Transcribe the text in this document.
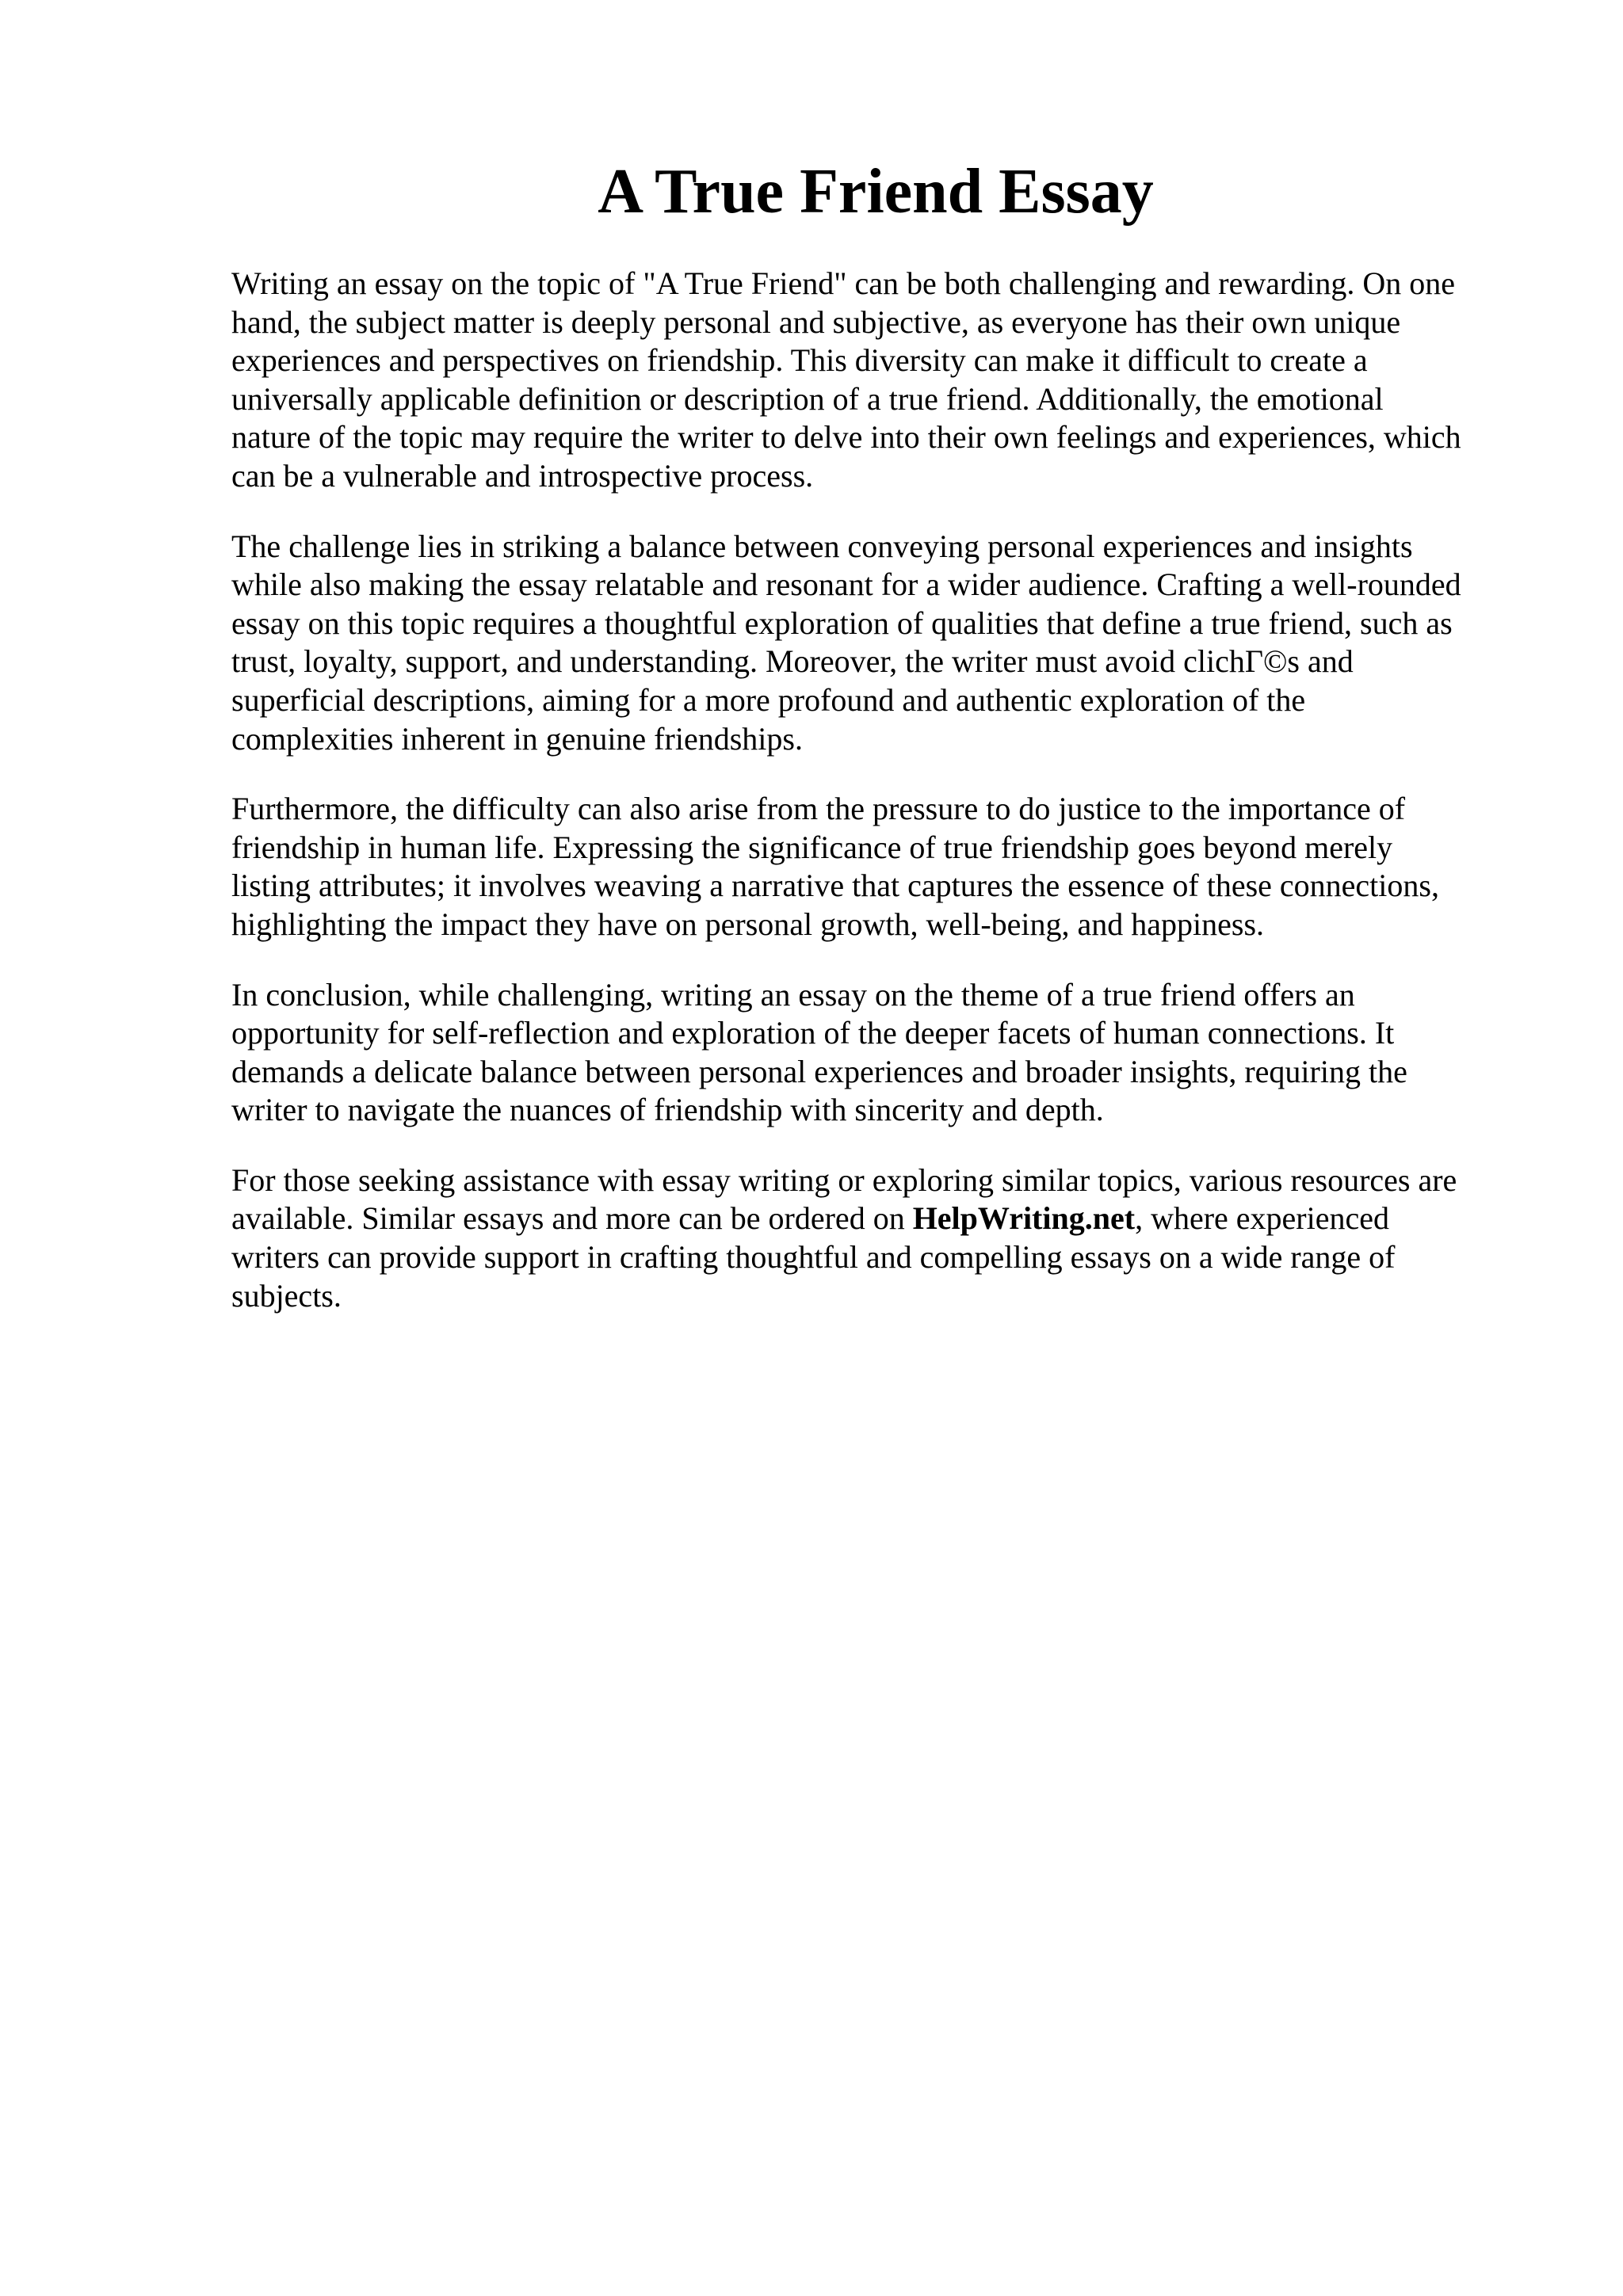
A True Friend Essay

Writing an essay on the topic of "A True Friend" can be both challenging and rewarding. On one
hand, the subject matter is deeply personal and subjective, as everyone has their own unique
experiences and perspectives on friendship. This diversity can make it difficult to create a
universally applicable definition or description of a true friend. Additionally, the emotional
nature of the topic may require the writer to delve into their own feelings and experiences, which
can be a vulnerable and introspective process.

The challenge lies in striking a balance between conveying personal experiences and insights
while also making the essay relatable and resonant for a wider audience. Crafting a well-rounded
essay on this topic requires a thoughtful exploration of qualities that define a true friend, such as
trust, loyalty, support, and understanding. Moreover, the writer must avoid clichΓ©s and
superficial descriptions, aiming for a more profound and authentic exploration of the
complexities inherent in genuine friendships.

Furthermore, the difficulty can also arise from the pressure to do justice to the importance of
friendship in human life. Expressing the significance of true friendship goes beyond merely
listing attributes; it involves weaving a narrative that captures the essence of these connections,
highlighting the impact they have on personal growth, well-being, and happiness.

In conclusion, while challenging, writing an essay on the theme of a true friend offers an
opportunity for self-reflection and exploration of the deeper facets of human connections. It
demands a delicate balance between personal experiences and broader insights, requiring the
writer to navigate the nuances of friendship with sincerity and depth.

For those seeking assistance with essay writing or exploring similar topics, various resources are
available. Similar essays and more can be ordered on HelpWriting.net, where experienced
writers can provide support in crafting thoughtful and compelling essays on a wide range of
subjects.
